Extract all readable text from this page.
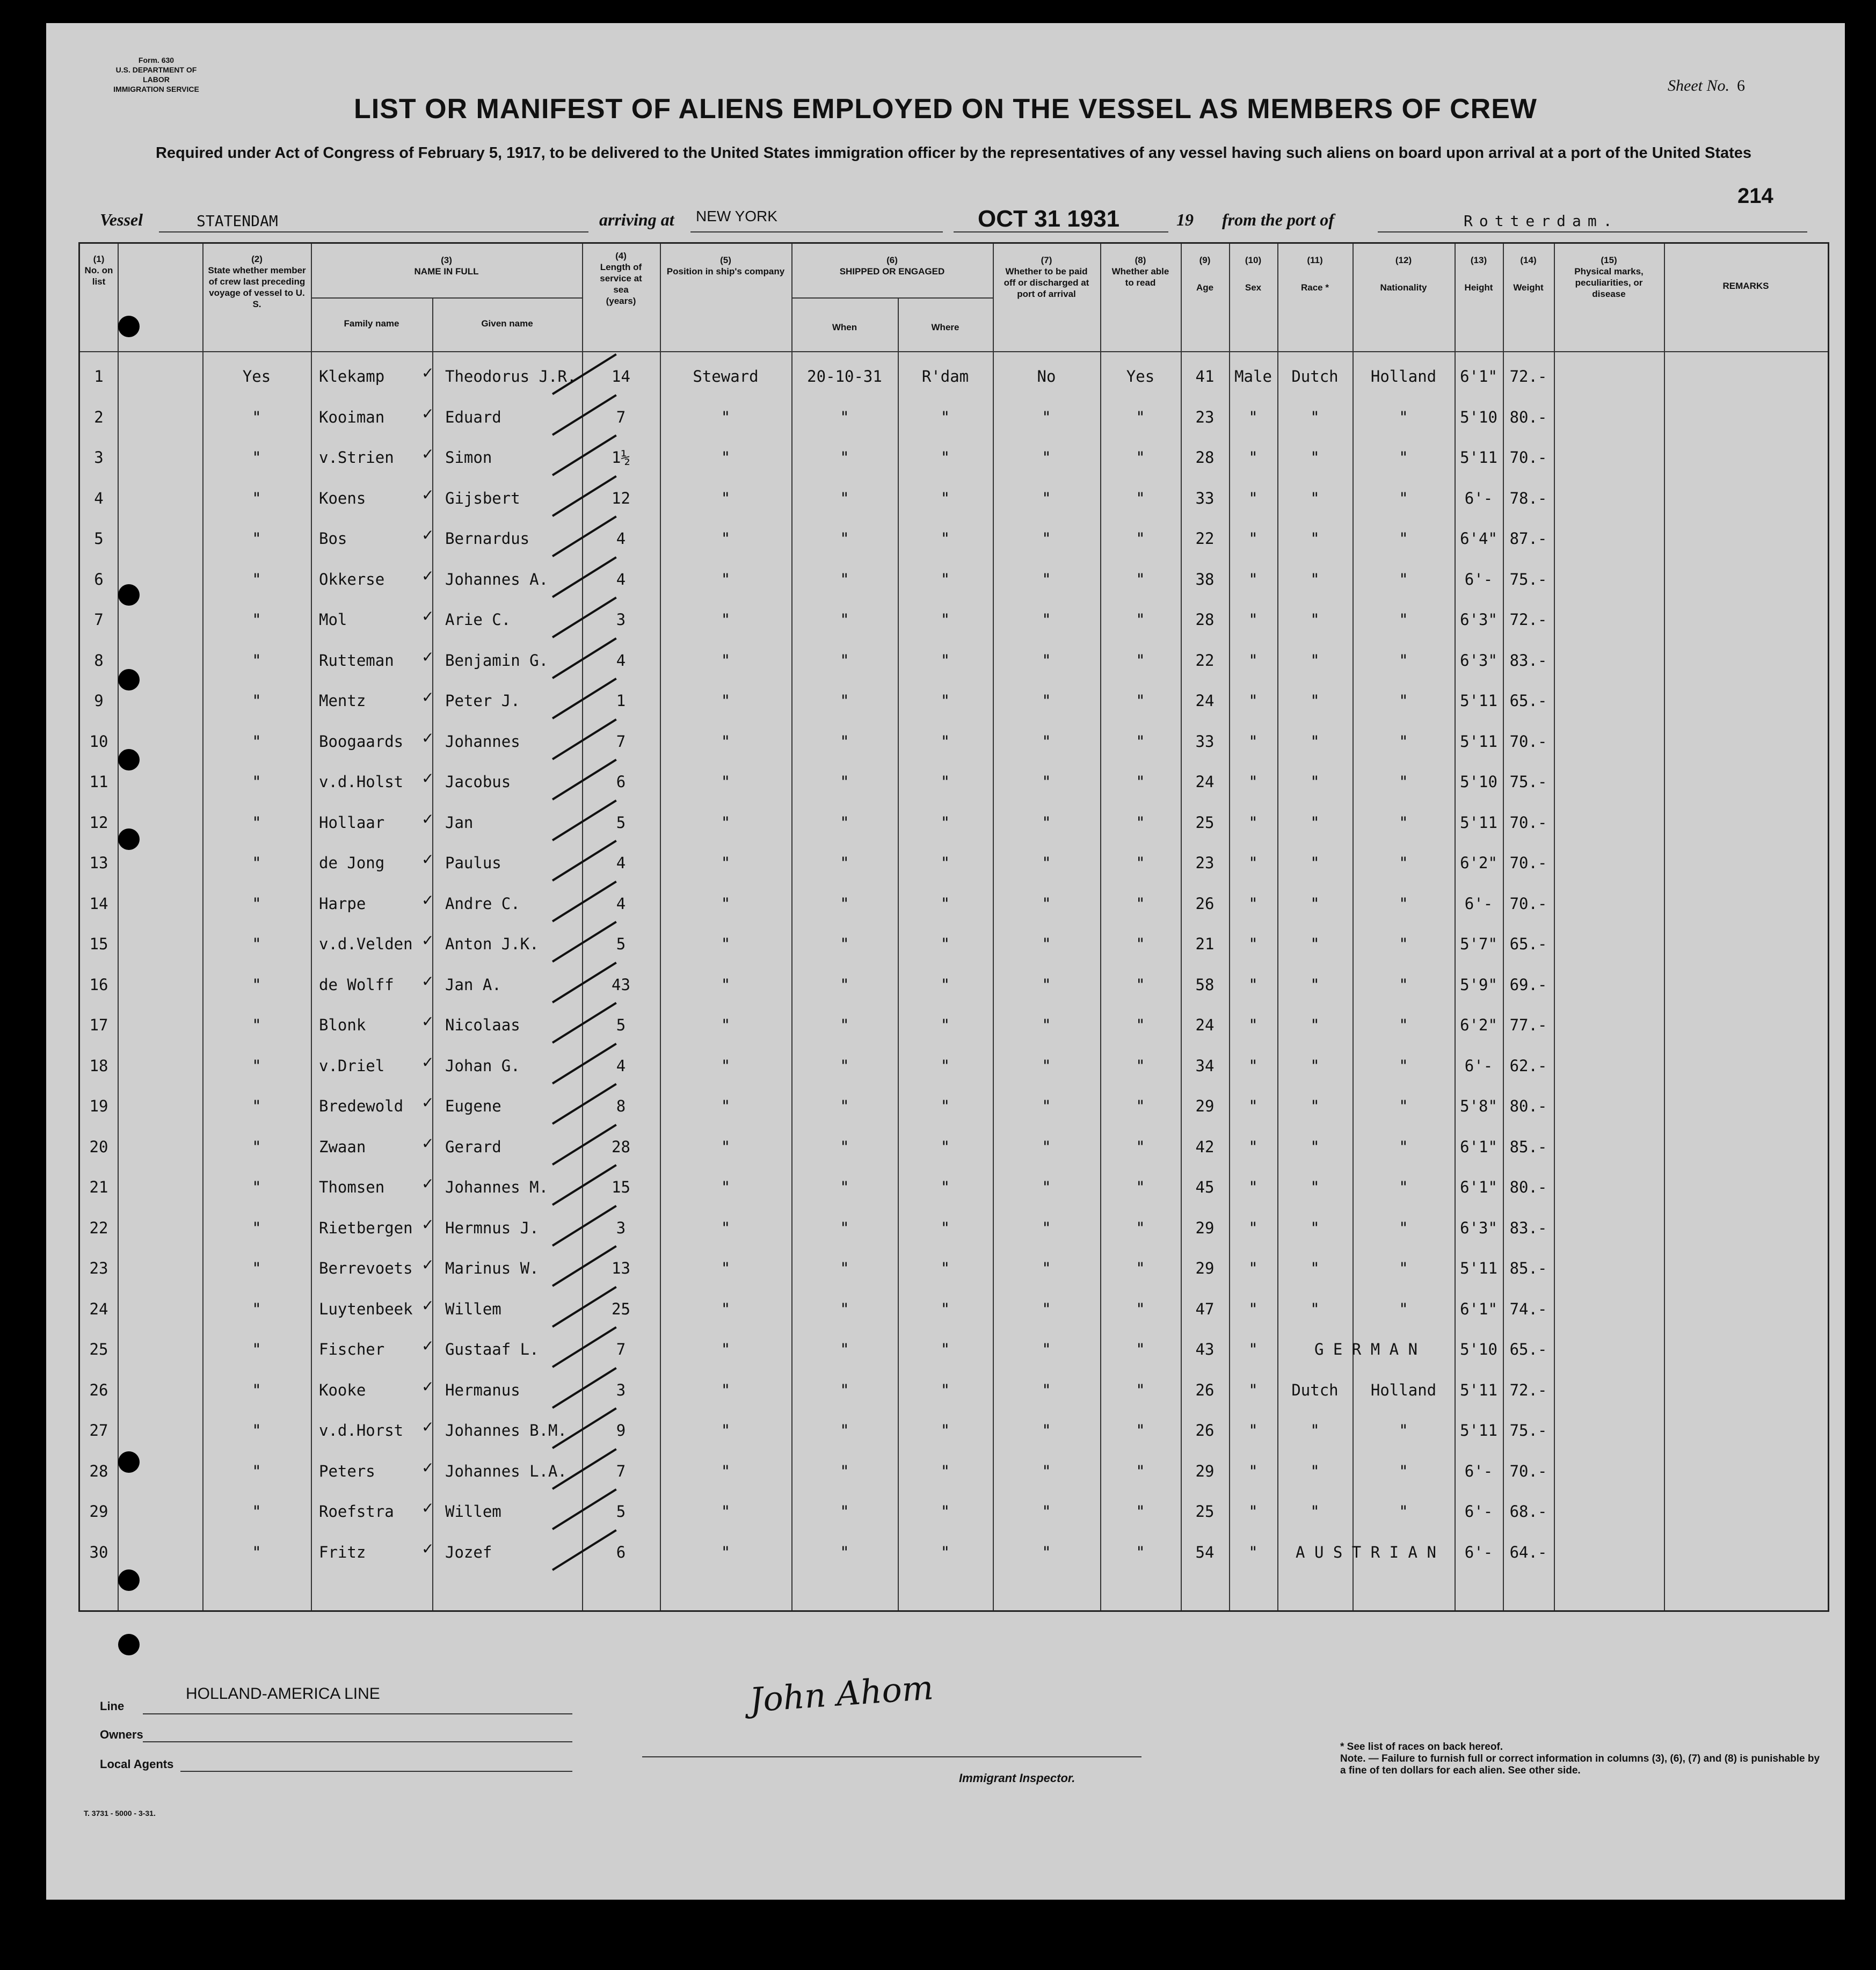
Form. 630
U.S. DEPARTMENT OF LABOR
IMMIGRATION SERVICE
LIST OR MANIFEST OF ALIENS EMPLOYED ON THE VESSEL AS MEMBERS OF CREW
Sheet No. 6
Required under Act of Congress of February 5, 1917, to be delivered to the United States immigration officer by the representatives of any vessel having such aliens on board upon arrival at a port of the United States
214
Vessel	STATENDAM	arriving at NEW YORK	OCT 31 1931	19 from the port of	Rotterdam.
(1)
No. on list
(2)
State whether member of crew last preceding voyage of vessel to U. S.
(3)
NAME IN FULL
Family name	Given name
(4)
Length of service at sea (years)
(5)
Position in ship's company
(6)
SHIPPED OR ENGAGED
When	Where
(7)
Whether to be paid off or discharged at port of arrival
(8)
Whether able to read
(9)
Age
(10)
Sex
(11)
Race *
(12)
Nationality
(13)
Height
(14)
Weight
(15)
Physical marks, peculiarities, or disease
REMARKS
1	Yes	Klekamp	Theodorus J.R.	14	Steward	20-10-31	R'dam	No	Yes	41	Male	Dutch	Holland	6'1" 72.-
✓
2	"	Kooiman	Eduard	7	"	"	"	"	"	23	"	"	"	5'10 80.-
✓
3	"	v.Strien	Simon	1½	"	"	"	"	"	28	"	"	"	5'11 70.-
✓
4	"	Koens	Gijsbert	12	"	"	"	"	"	33	"	"	"	6'-	78.-
✓
5	"	Bos	Bernardus	4	"	"	"	"	"	22	"	"	"	6'4" 87.-
✓
6	"	Okkerse	Johannes A.	4	"	"	"	"	"	38	"	"	"	6'-	75.-
✓
7	"	Mol	Arie C.	3	"	"	"	"	"	28	"	"	"	6'3" 72.-
✓
8	"	Rutteman	Benjamin G.	4	"	"	"	"	"	22	"	"	"	6'3" 83.-
✓
9	"	Mentz	Peter J.	1	"	"	"	"	"	24	"	"	"	5'11 65.-
✓
10	"	Boogaards	Johannes	7	"	"	"	"	"	33	"	"	"	5'11 70.-
✓
11	"	v.d.Holst	Jacobus	6	"	"	"	"	"	24	"	"	"	5'10 75.-
✓
12	"	Hollaar	Jan	5	"	"	"	"	"	25	"	"	"	5'11 70.-
✓
13	"	de Jong	Paulus	4	"	"	"	"	"	23	"	"	"	6'2" 70.-
✓
14	"	Harpe	Andre C.	4	"	"	"	"	"	26	"	"	"	6'-	70.-
✓
15	"	v.d.Velden	Anton J.K.	5	"	"	"	"	"	21	"	"	"	5'7" 65.-
✓
16	"	de Wolff	Jan A.	43	"	"	"	"	"	58	"	"	"	5'9" 69.-
✓
17	"	Blonk	Nicolaas	5	"	"	"	"	"	24	"	"	"	6'2" 77.-
✓
18	"	v.Driel	Johan G.	4	"	"	"	"	"	34	"	"	"	6'-	62.-
✓
19	"	Bredewold	Eugene	8	"	"	"	"	"	29	"	"	"	5'8" 80.-
✓
20	"	Zwaan	Gerard	28	"	"	"	"	"	42	"	"	"	6'1" 85.-
✓
21	"	Thomsen	Johannes M.	15	"	"	"	"	"	45	"	"	"	6'1" 80.-
✓
22	"	Rietbergen	Hermnus J.	3	"	"	"	"	"	29	"	"	"	6'3" 83.-
✓
23	"	Berrevoets	Marinus W.	13	"	"	"	"	"	29	"	"	"	5'11 85.-
✓
24	"	Luytenbeek	Willem	25	"	"	"	"	"	47	"	"	"	6'1" 74.-
✓
25	"	Fischer	Gustaaf L.	7	"	"	"	"	"	43	"	G E R M A N	5'10 65.-
✓
26	"	Kooke	Hermanus	3	"	"	"	"	"	26	"	Dutch	Holland	5'11 72.-
✓
27	"	v.d.Horst	Johannes B.M.	9	"	"	"	"	"	26	"	"	"	5'11 75.-
✓
28	"	Peters	Johannes L.A.	7	"	"	"	"	"	29	"	"	"	6'-	70.-
✓
29	"	Roefstra	Willem	5	"	"	"	"	"	25	"	"	"	6'-	68.-
✓
30	"	Fritz	Jozef	6	"	"	"	"	"	54	"	A U S T R I A N	6'-	64.-
✓
Line
HOLLAND-AMERICA LINE
Owners
Local Agents
John Ahom
Immigrant Inspector.
T. 3731 - 5000 - 3-31.
* See list of races on back hereof.
Note. — Failure to furnish full or correct information in columns (3), (6), (7) and (8) is punishable by a fine of ten dollars for each alien. See other side.
